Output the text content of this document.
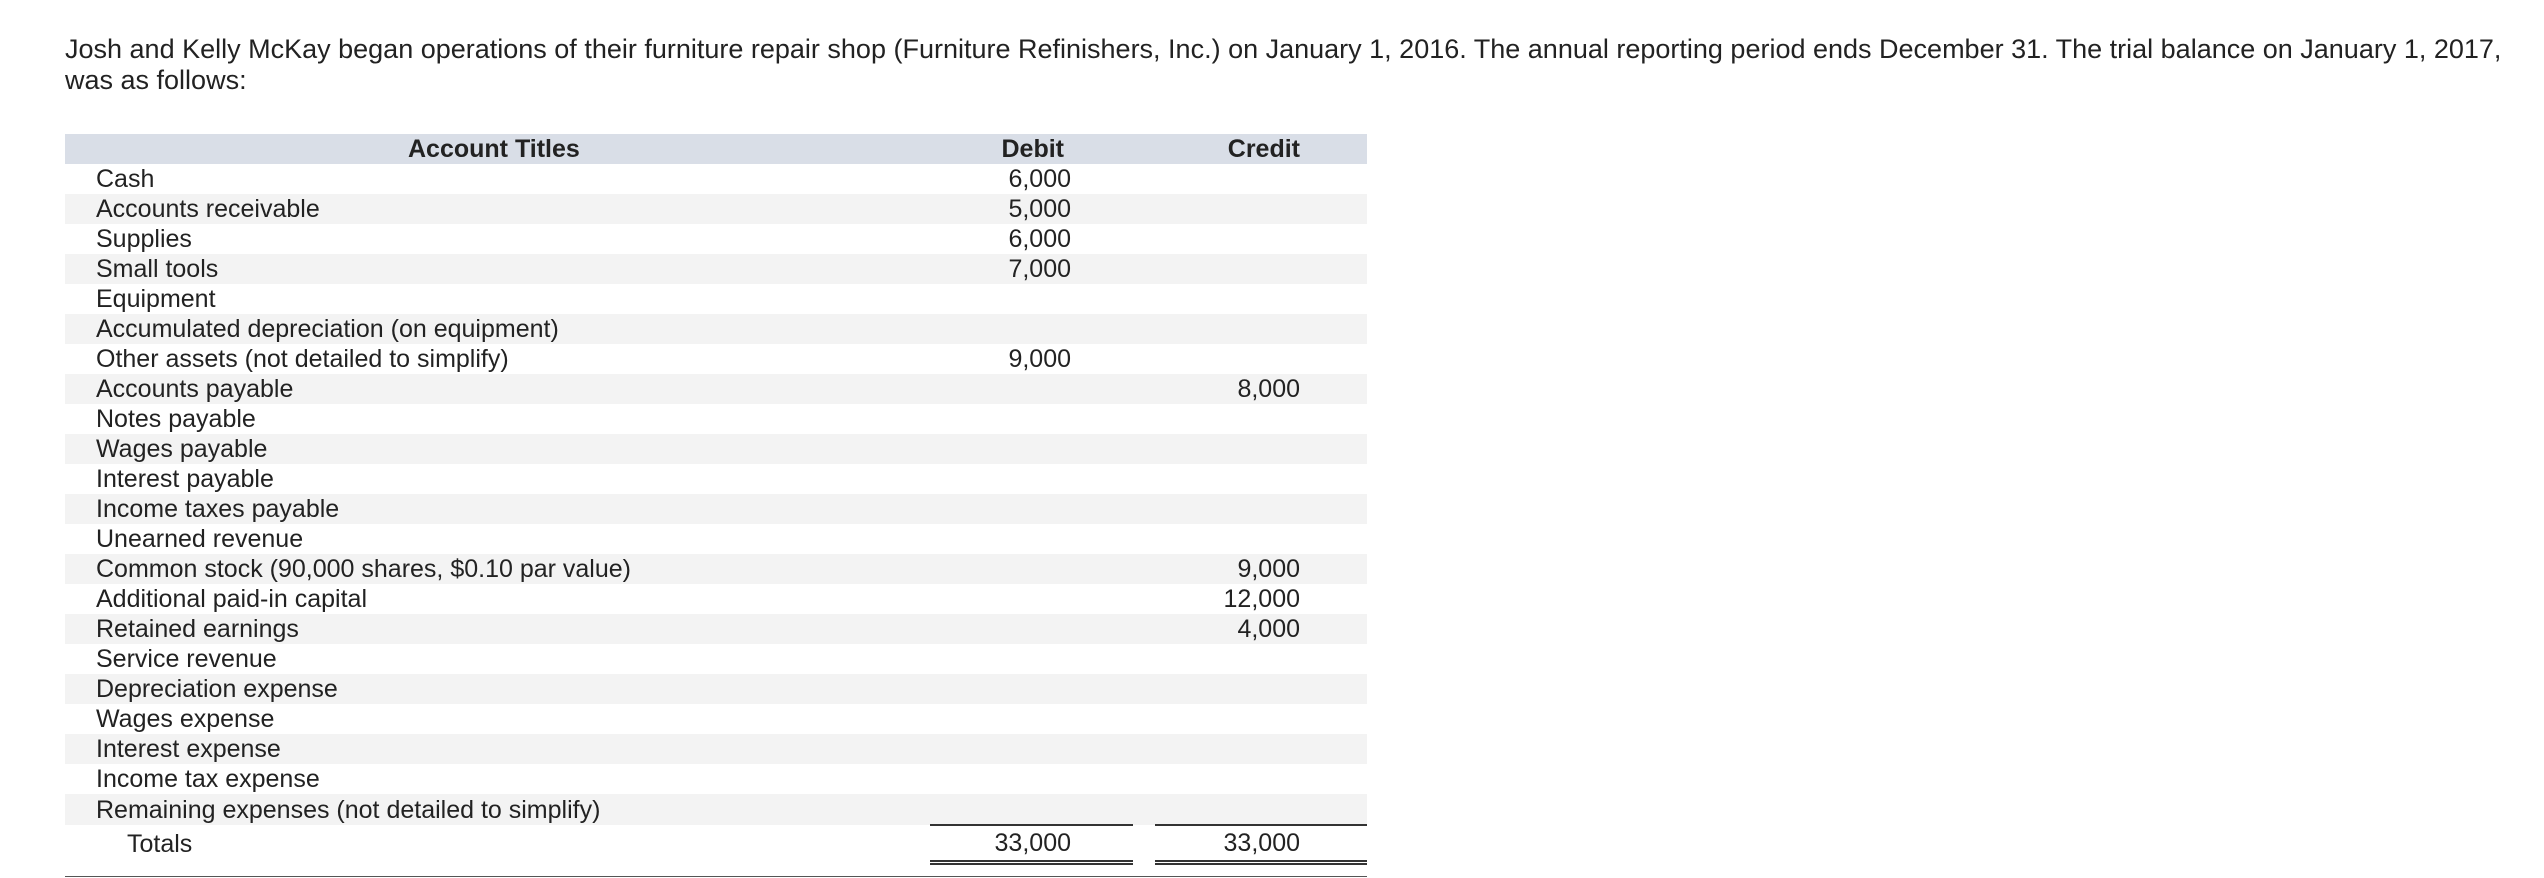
Josh and Kelly McKay began operations of their furniture repair shop (Furniture Refinishers, Inc.) on January 1, 2016. The annual reporting period ends December 31. The trial balance on January 1, 2017, was as follows:

Account Titles	Debit		Credit
Cash	6,000		
Accounts receivable	5,000		
Supplies	6,000		
Small tools	7,000		
Equipment			
Accumulated depreciation (on equipment)			
Other assets (not detailed to simplify)	9,000		
Accounts payable			8,000
Notes payable			
Wages payable			
Interest payable			
Income taxes payable			
Unearned revenue			
Common stock (90,000 shares, $0.10 par value)			9,000
Additional paid-in capital			12,000
Retained earnings			4,000
Service revenue			
Depreciation expense			
Wages expense			
Interest expense			
Income tax expense			
Remaining expenses (not detailed to simplify)			
Totals	33,000		33,000
